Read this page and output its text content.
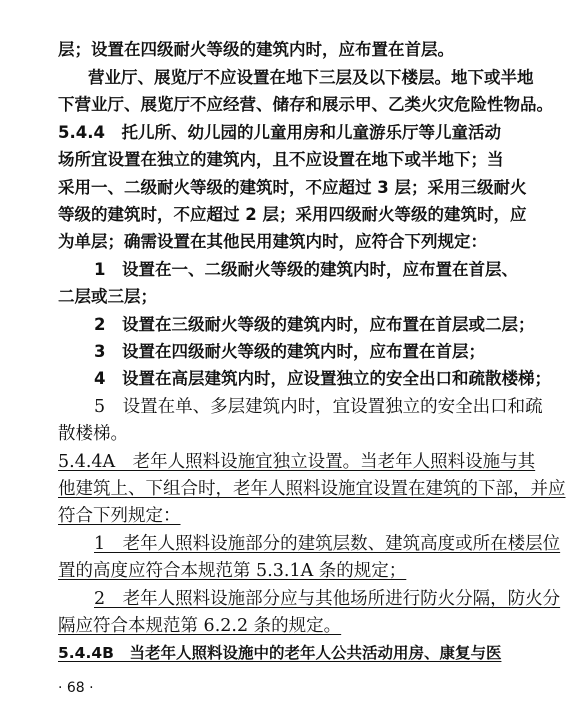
层；设置在四级耐火等级的建筑内时，应布置在首层。
营业厅、展览厅不应设置在地下三层及以下楼层。地下或半地
下营业厅、展览厅不应经营、储存和展示甲、乙类火灾危险性物品。
5.4.4　托儿所、幼儿园的儿童用房和儿童游乐厅等儿童活动
场所宜设置在独立的建筑内，且不应设置在地下或半地下；当
采用一、二级耐火等级的建筑时，不应超过 3 层；采用三级耐火
等级的建筑时，不应超过 2 层；采用四级耐火等级的建筑时，应
为单层；确需设置在其他民用建筑内时，应符合下列规定：
1　设置在一、二级耐火等级的建筑内时，应布置在首层、
二层或三层；
2　设置在三级耐火等级的建筑内时，应布置在首层或二层；
3　设置在四级耐火等级的建筑内时，应布置在首层；
4　设置在高层建筑内时，应设置独立的安全出口和疏散楼梯；
5　设置在单、多层建筑内时，宜设置独立的安全出口和疏
散楼梯。
5.4.4A　老年人照料设施宜独立设置。当老年人照料设施与其
他建筑上、下组合时，老年人照料设施宜设置在建筑的下部，并应
符合下列规定：
1　老年人照料设施部分的建筑层数、建筑高度或所在楼层位
置的高度应符合本规范第 5.3.1A 条的规定；
2　老年人照料设施部分应与其他场所进行防火分隔，防火分
隔应符合本规范第 6.2.2 条的规定。
5.4.4B　当老年人照料设施中的老年人公共活动用房、康复与医
· 68 ·
